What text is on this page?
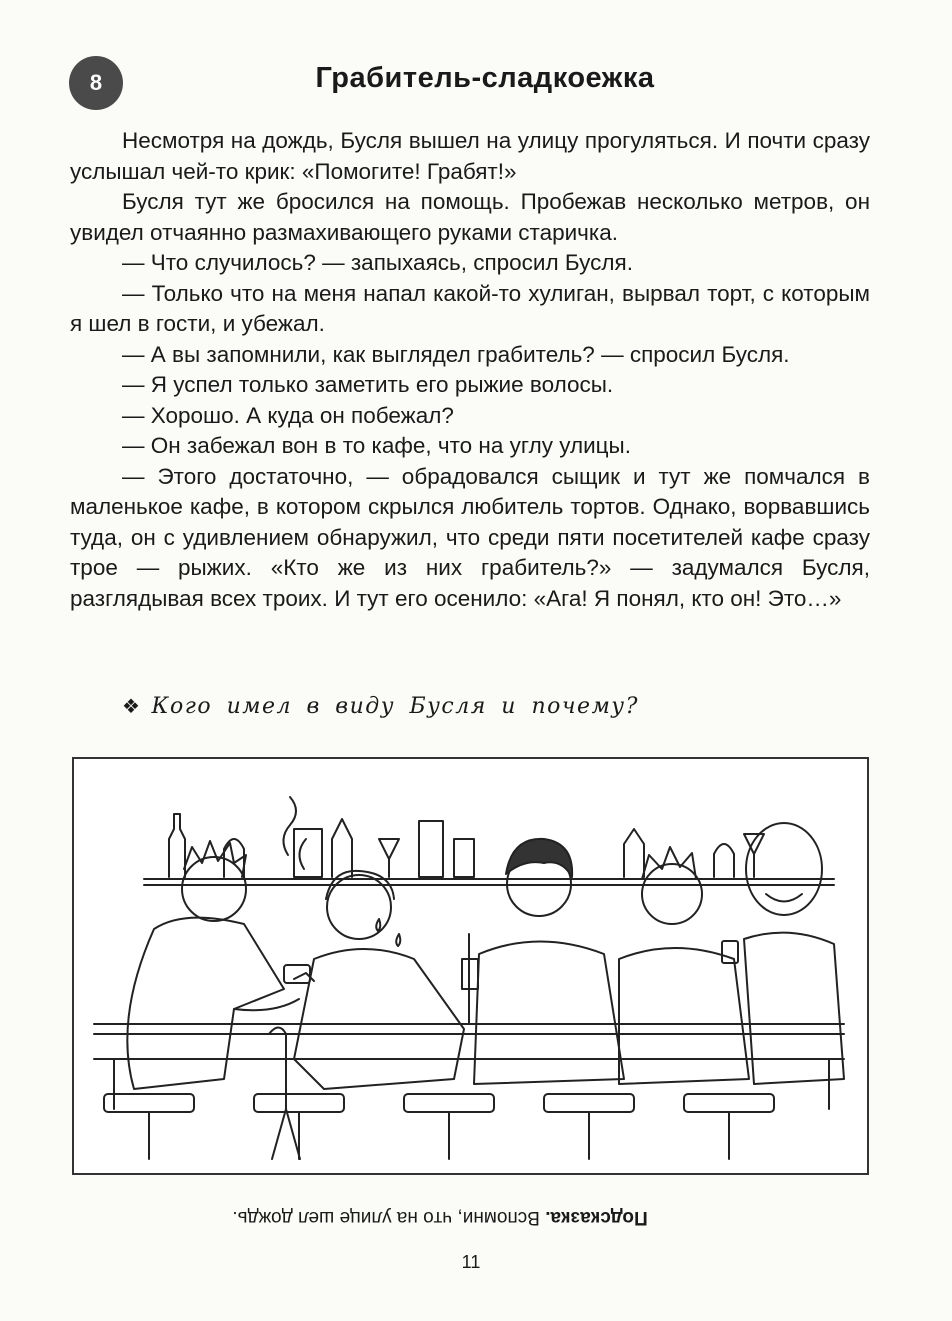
8	Грабитель-сладкоежка

Несмотря на дождь, Бусля вышел на улицу прогуляться. И почти сразу услышал чей-то крик: «Помогите! Грабят!»

Бусля тут же бросился на помощь. Пробежав несколько метров, он увидел отчаянно размахивающего руками старичка.

— Что случилось? — запыхаясь, спросил Бусля.

— Только что на меня напал какой-то хулиган, вырвал торт, с которым я шел в гости, и убежал.

— А вы запомнили, как выглядел грабитель? — спросил Бусля.

— Я успел только заметить его рыжие волосы.

— Хорошо. А куда он побежал?

— Он забежал вон в то кафе, что на углу улицы.

— Этого достаточно, — обрадовался сыщик и тут же помчался в маленькое кафе, в котором скрылся любитель тортов. Однако, ворвавшись туда, он с удивлением обнаружил, что среди пяти посетителей кафе сразу трое — рыжих. «Кто же из них грабитель?» — задумался Бусля, разглядывая всех троих. И тут его осенило: «Ага! Я понял, кто он! Это…»

❖ Кого имел в виду Бусля и почему?
Подсказка. Вспомни, что на улице шел дождь.
11
